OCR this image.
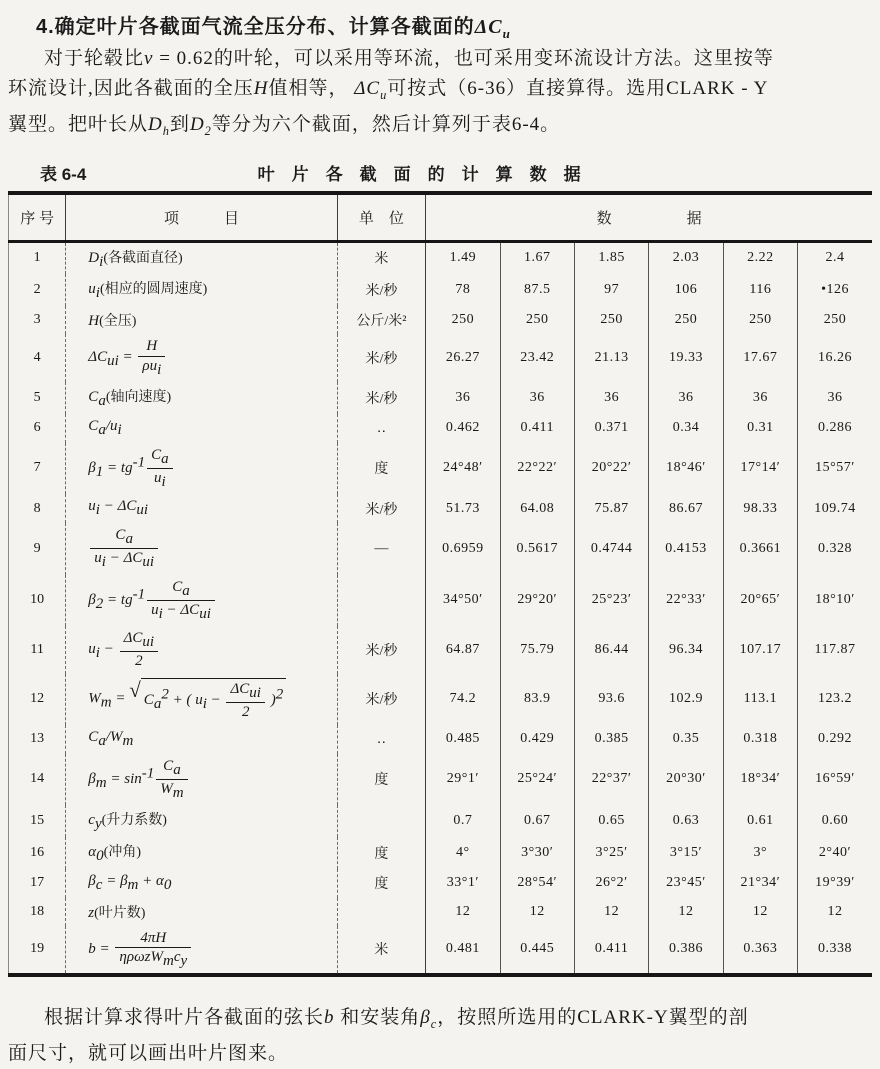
4.确定叶片各截面气流全压分布、计算各截面的$\Delta C_u$
对于轮毂比ν = 0.62的叶轮，可以采用等环流，也可采用变环流设计方法。这里按等
环流设计,因此各截面的全压H值相等， $\Delta C_u$可按式（6-36）直接算得。选用CLARK - Y
翼型。把叶长从$D_h$到$D_2$等分为六个截面，然后计算列于表6-4。
表 6-4	叶　片　各　截　面　的　计　算　数　据
序 号	项　　　目	单　位	数　　　　　据					
1	$D_i$(各截面直径)	米	1.49	1.67	1.85	2.03	2.22	2.4
2	$u_i$(相应的圆周速度)	米/秒	78	87.5	97	106	116	•126
3	H(全压)	公斤/米²	250	250	250	250	250	250
4	$\Delta C_{ui} = \frac{H}{\rho u_i}$	米/秒	26.27	23.42	21.13	19.33	17.67	16.26
5	$C_a$(轴向速度)	米/秒	36	36	36	36	36	36
6	$C_a/u_i$	‥	0.462	0.411	0.371	0.34	0.31	0.286
7	$\beta_1 = tg^{-1} \frac{C_a}{u_i}$	度	24°48′	22°22′	20°22′	18°46′	17°14′	15°57′
8	$u_i - \Delta C_{ui}$	米/秒	51.73	64.08	75.87	86.67	98.33	109.74
9	$\frac{C_a}{u_i - \Delta C_{ui}}$	—	0.6959	0.5617	0.4744	0.4153	0.3661	0.328
10	$\beta_2 = tg^{-1} \frac{C_a}{u_i - \Delta C_{ui}}$		34°50′	29°20′	25°23′	22°33′	20°65′	18°10′
11	$u_i - \frac{\Delta C_{ui}}{2}$	米/秒	64.87	75.79	86.44	96.34	107.17	117.87
12	$W_m$ = √ $C_a^2$ + ( $u_i - \frac{\Delta C_{ui}}{2} )^2$	米/秒	74.2	83.9	93.6	102.9	113.1	123.2
13	$C_a/W_m$	‥	0.485	0.429	0.385	0.35	0.318	0.292
14	$\beta_m = \sin^{-1} \frac{C_a}{W_m}$	度	29°1′	25°24′	22°37′	20°30′	18°34′	16°59′
15	$c_y$(升力系数)		0.7	0.67	0.65	0.63	0.61	0.60
16	$\alpha_0$(冲角)	度	4°	3°30′	3°25′	3°15′	3°	2°40′
17	$\beta_c = \beta_m + \alpha_0$	度	33°1′	28°54′	26°2′	23°45′	21°34′	19°39′
18	z(叶片数)		12	12	12	12	12	12
19	$b = \frac{4\pi H}{\eta\rho\omega zW_mc_y}$	米	0.481	0.445	0.411	0.386	0.363	0.338
根据计算求得叶片各截面的弦长b 和安装角$\beta_c$，按照所选用的CLARK-Y翼型的剖
面尺寸，就可以画出叶片图来。
